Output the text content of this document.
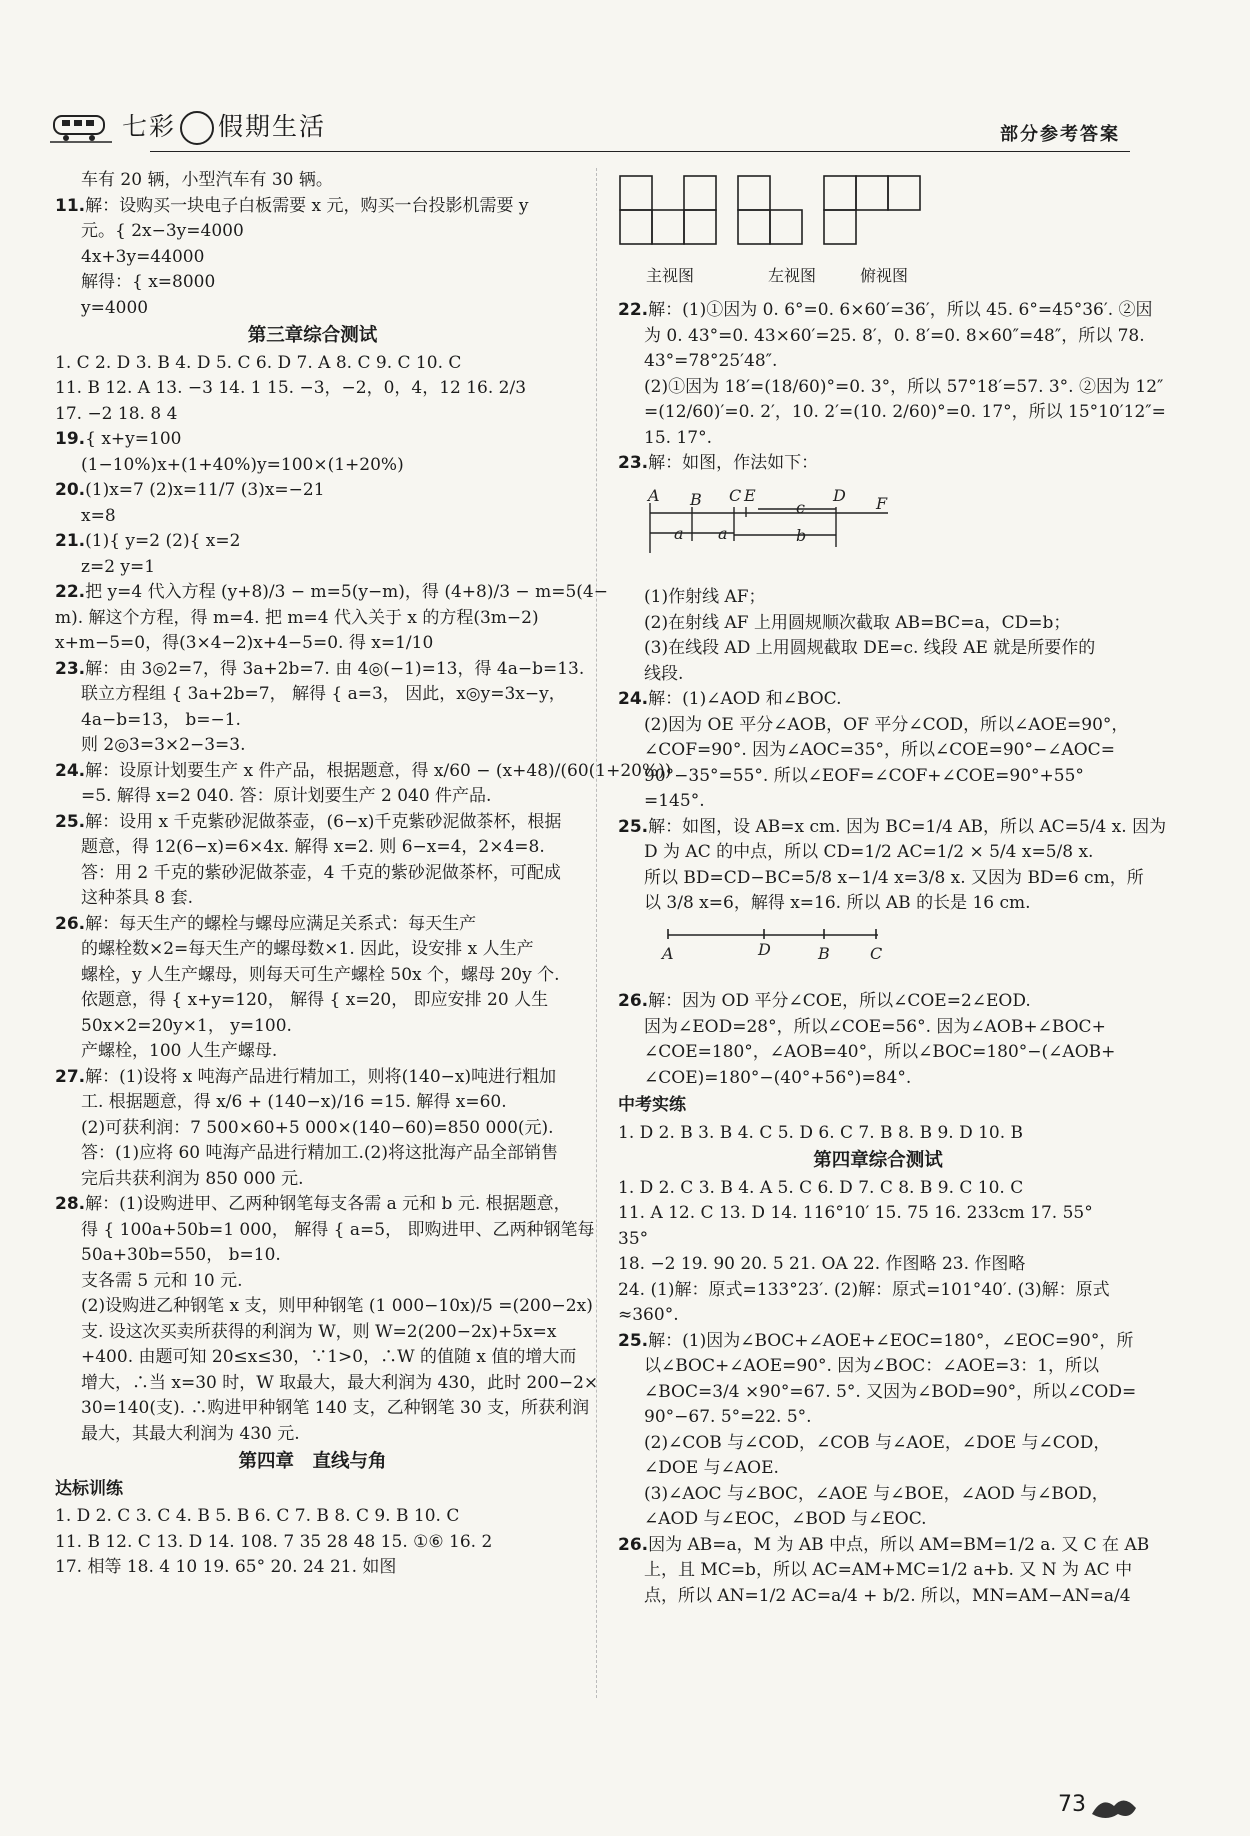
七彩 假期生活	部分参考答案

车有 20 辆，小型汽车有 30 辆。

11.解：设购买一块电子白板需要 x 元，购买一台投影机需要 y

元。{ 2x−3y=4000

4x+3y=44000

解得：{ x=8000

y=4000

第三章综合测试

1. C 2. D 3. B 4. D 5. C 6. D 7. A 8. C 9. C 10. C

11. B 12. A 13. −3 14. 1 15. −3，−2，0，4，12 16. 2/3

17. −2 18. 8 4

19.{ x+y=100

(1−10%)x+(1+40%)y=100×(1+20%)

20.(1)x=7 (2)x=11/7 (3)x=−21

x=8

21.(1){ y=2 (2){ x=2

z=2 y=1

22.把 y=4 代入方程 (y+8)/3 − m=5(y−m)，得 (4+8)/3 − m=5(4−

m). 解这个方程，得 m=4. 把 m=4 代入关于 x 的方程(3m−2)

x+m−5=0，得(3×4−2)x+4−5=0. 得 x=1/10

23.解：由 3◎2=7，得 3a+2b=7. 由 4◎(−1)=13，得 4a−b=13.

联立方程组 { 3a+2b=7， 解得 { a=3， 因此，x◎y=3x−y，

4a−b=13， b=−1.

则 2◎3=3×2−3=3.

24.解：设原计划要生产 x 件产品，根据题意，得 x/60 − (x+48)/(60(1+20%))

=5. 解得 x=2 040. 答：原计划要生产 2 040 件产品.

25.解：设用 x 千克紫砂泥做茶壶，(6−x)千克紫砂泥做茶杯，根据

题意，得 12(6−x)=6×4x. 解得 x=2. 则 6−x=4，2×4=8.

答：用 2 千克的紫砂泥做茶壶，4 千克的紫砂泥做茶杯，可配成

这种茶具 8 套.

26.解：每天生产的螺栓与螺母应满足关系式：每天生产

的螺栓数×2=每天生产的螺母数×1. 因此，设安排 x 人生产

螺栓，y 人生产螺母，则每天可生产螺栓 50x 个，螺母 20y 个.

依题意，得 { x+y=120， 解得 { x=20， 即应安排 20 人生

50x×2=20y×1， y=100.

产螺栓，100 人生产螺母.

27.解：(1)设将 x 吨海产品进行精加工，则将(140−x)吨进行粗加

工. 根据题意，得 x/6 + (140−x)/16 =15. 解得 x=60.

(2)可获利润：7 500×60+5 000×(140−60)=850 000(元).

答：(1)应将 60 吨海产品进行精加工.(2)将这批海产品全部销售

完后共获利润为 850 000 元.

28.解：(1)设购进甲、乙两种钢笔每支各需 a 元和 b 元. 根据题意，

得 { 100a+50b=1 000， 解得 { a=5， 即购进甲、乙两种钢笔每

50a+30b=550， b=10.

支各需 5 元和 10 元.

(2)设购进乙种钢笔 x 支，则甲种钢笔 (1 000−10x)/5 =(200−2x)

支. 设这次买卖所获得的利润为 W，则 W=2(200−2x)+5x=x

+400. 由题可知 20≤x≤30，∵1>0，∴W 的值随 x 值的增大而

增大，∴当 x=30 时，W 取最大，最大利润为 430，此时 200−2×

30=140(支). ∴购进甲种钢笔 140 支，乙种钢笔 30 支，所获利润

最大，其最大利润为 430 元.

第四章　直线与角

达标训练

1. D 2. C 3. C 4. B 5. B 6. C 7. B 8. C 9. B 10. C

11. B 12. C 13. D 14. 108. 7 35 28 48 15. ①⑥ 16. 2

17. 相等 18. 4 10 19. 65° 20. 24 21. 如图

主视图	左视图	俯视图

22.解：(1)①因为 0. 6°=0. 6×60′=36′，所以 45. 6°=45°36′. ②因

为 0. 43°=0. 43×60′=25. 8′，0. 8′=0. 8×60″=48″，所以 78.

43°=78°25′48″.

(2)①因为 18′=(18/60)°=0. 3°，所以 57°18′=57. 3°. ②因为 12″

=(12/60)′=0. 2′，10. 2′=(10. 2/60)°=0. 17°，所以 15°10′12″=

15. 17°.

23.解：如图，作法如下：

A B C E	D F
a a	b
c

(1)作射线 AF；

(2)在射线 AF 上用圆规顺次截取 AB=BC=a，CD=b；

(3)在线段 AD 上用圆规截取 DE=c. 线段 AE 就是所要作的

线段.

24.解：(1)∠AOD 和∠BOC.

(2)因为 OE 平分∠AOB，OF 平分∠COD，所以∠AOE=90°，

∠COF=90°. 因为∠AOC=35°，所以∠COE=90°−∠AOC=

90°−35°=55°. 所以∠EOF=∠COF+∠COE=90°+55°

=145°.

25.解：如图，设 AB=x cm. 因为 BC=1/4 AB，所以 AC=5/4 x. 因为

D 为 AC 的中点，所以 CD=1/2 AC=1/2 × 5/4 x=5/8 x.

所以 BD=CD−BC=5/8 x−1/4 x=3/8 x. 又因为 BD=6 cm，所

以 3/8 x=6，解得 x=16. 所以 AB 的长是 16 cm.

A	D	B	C

26.解：因为 OD 平分∠COE，所以∠COE=2∠EOD.

因为∠EOD=28°，所以∠COE=56°. 因为∠AOB+∠BOC+

∠COE=180°，∠AOB=40°，所以∠BOC=180°−(∠AOB+

∠COE)=180°−(40°+56°)=84°.

中考实练

1. D 2. B 3. B 4. C 5. D 6. C 7. B 8. B 9. D 10. B

第四章综合测试

1. D 2. C 3. B 4. A 5. C 6. D 7. C 8. B 9. C 10. C

11. A 12. C 13. D 14. 116°10′ 15. 75 16. 233cm 17. 55°

35°

18. −2 19. 90 20. 5 21. OA 22. 作图略 23. 作图略

24. (1)解：原式=133°23′. (2)解：原式=101°40′. (3)解：原式

≈360°.

25.解：(1)因为∠BOC+∠AOE+∠EOC=180°，∠EOC=90°，所

以∠BOC+∠AOE=90°. 因为∠BOC：∠AOE=3：1，所以

∠BOC=3/4 ×90°=67. 5°. 又因为∠BOD=90°，所以∠COD=

90°−67. 5°=22. 5°.

(2)∠COB 与∠COD，∠COB 与∠AOE，∠DOE 与∠COD，

∠DOE 与∠AOE.

(3)∠AOC 与∠BOC，∠AOE 与∠BOE，∠AOD 与∠BOD，

∠AOD 与∠EOC，∠BOD 与∠EOC.

26.因为 AB=a，M 为 AB 中点，所以 AM=BM=1/2 a. 又 C 在 AB

上，且 MC=b，所以 AC=AM+MC=1/2 a+b. 又 N 为 AC 中

点，所以 AN=1/2 AC=a/4 + b/2. 所以，MN=AM−AN=a/4

73
